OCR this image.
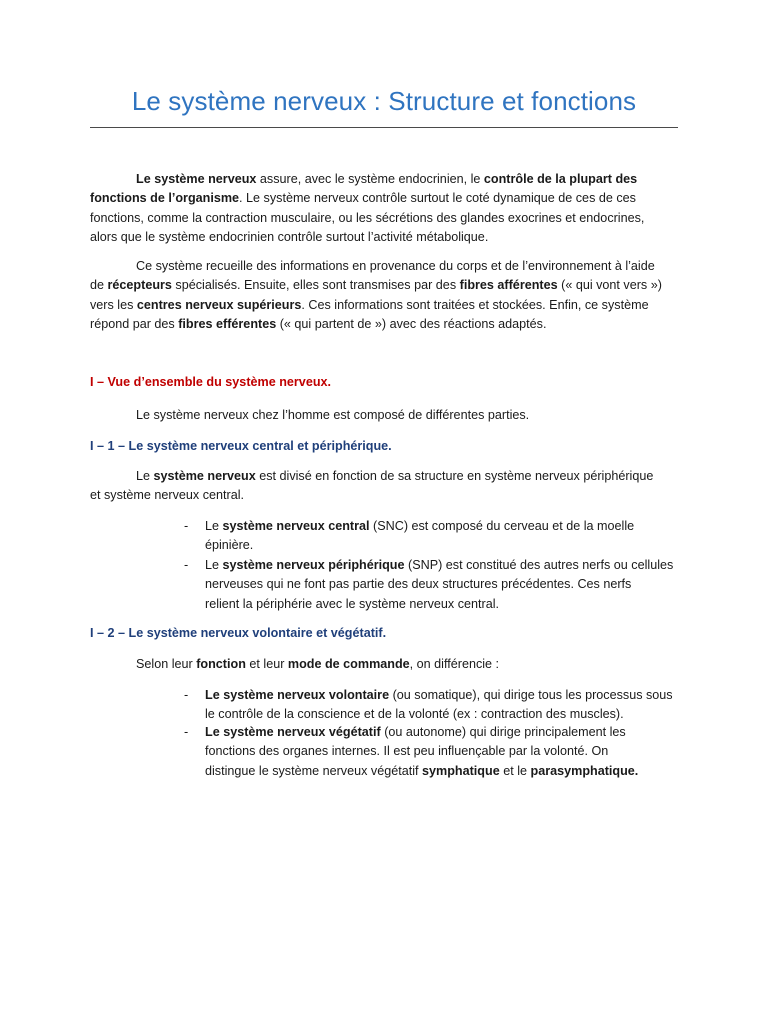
Le système nerveux : Structure et fonctions
Le système nerveux assure, avec le système endocrinien, le contrôle de la plupart des
fonctions de l’organisme. Le système nerveux contrôle surtout le coté dynamique de ces de ces
fonctions, comme la contraction musculaire, ou les sécrétions des glandes exocrines et endocrines,
alors que le système endocrinien contrôle surtout l’activité métabolique.
Ce système recueille des informations en provenance du corps et de l’environnement à l’aide
de récepteurs spécialisés. Ensuite, elles sont transmises par des fibres afférentes (« qui vont vers »)
vers les centres nerveux supérieurs. Ces informations sont traitées et stockées. Enfin, ce système
répond par des fibres efférentes (« qui partent de ») avec des réactions adaptés.
I – Vue d’ensemble du système nerveux.
Le système nerveux chez l’homme est composé de différentes parties.
I – 1 – Le système nerveux central et périphérique.
Le système nerveux est divisé en fonction de sa structure en système nerveux périphérique
et système nerveux central.
- Le système nerveux central (SNC) est composé du cerveau et de la moelle
épinière.
- Le système nerveux périphérique (SNP) est constitué des autres nerfs ou cellules
nerveuses qui ne font pas partie des deux structures précédentes. Ces nerfs
relient la périphérie avec le système nerveux central.
I – 2 – Le système nerveux volontaire et végétatif.
Selon leur fonction et leur mode de commande, on différencie :
- Le système nerveux volontaire (ou somatique), qui dirige tous les processus sous
le contrôle de la conscience et de la volonté (ex : contraction des muscles).
- Le système nerveux végétatif (ou autonome) qui dirige principalement les
fonctions des organes internes. Il est peu influençable par la volonté. On
distingue le système nerveux végétatif symphatique et le parasymphatique.
